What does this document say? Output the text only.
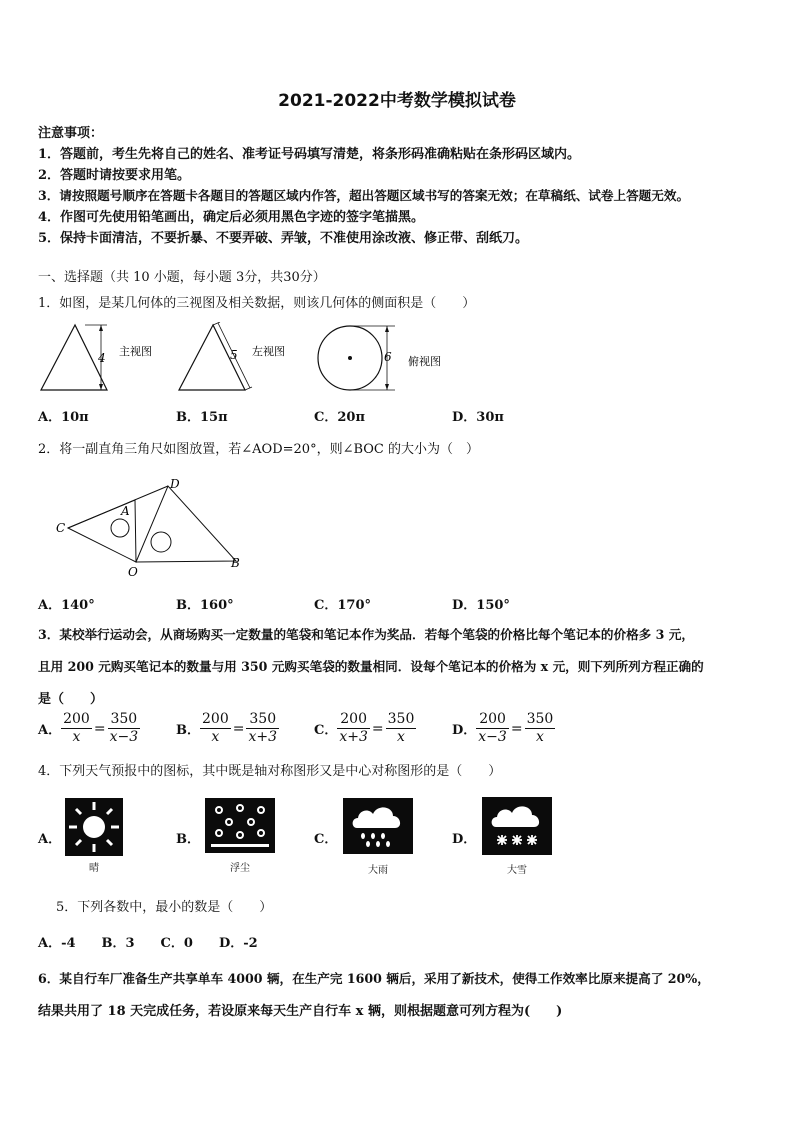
2021-2022中考数学模拟试卷
注意事项：
1．答题前，考生先将自己的姓名、准考证号码填写清楚，将条形码准确粘贴在条形码区域内。
2．答题时请按要求用笔。
3．请按照题号顺序在答题卡各题目的答题区域内作答，超出答题区域书写的答案无效；在草稿纸、试卷上答题无效。
4．作图可先使用铅笔画出，确定后必须用黑色字迹的签字笔描黑。
5．保持卡面清洁，不要折暴、不要弄破、弄皱，不准使用涂改液、修正带、刮纸刀。
一、选择题（共 10 小题，每小题 3分，共30分）
1．如图，是某几何体的三视图及相关数据，则该几何体的侧面积是（　　）
4 主视图	5 左视图	6 俯视图
A．10π	B．15π	C．20π	D．30π
2．将一副直角三角尺如图放置，若∠AOD=20°，则∠BOC 的大小为（　）
C
A
D
O
B
A．140°	B．160°	C．170°	D．150°
3．某校举行运动会，从商场购买一定数量的笔袋和笔记本作为奖品．若每个笔袋的价格比每个笔记本的价格多 3 元，
且用 200 元购买笔记本的数量与用 350 元购买笔袋的数量相同．设每个笔记本的价格为 x 元，则下列所列方程正确的
是（　　）
A． $\frac{200}{x} = \frac{350}{x-3}$	B． $\frac{200}{x} = \frac{350}{x+3}$	C． $\frac{200}{x+3} = \frac{350}{x}$	D． $\frac{200}{x-3} = \frac{350}{x}$
4．下列天气预报中的图标，其中既是轴对称图形又是中心对称图形的是（　　）
A．
晴
B．
浮尘
C．
大雨
D．
大雪
5．下列各数中，最小的数是（　　）
A．-4　　B．3　　C．0　　D．-2
6．某自行车厂准备生产共享单车 4000 辆，在生产完 1600 辆后，采用了新技术，使得工作效率比原来提高了 20%，
结果共用了 18 天完成任务，若设原来每天生产自行车 x 辆，则根据题意可列方程为(　　)
